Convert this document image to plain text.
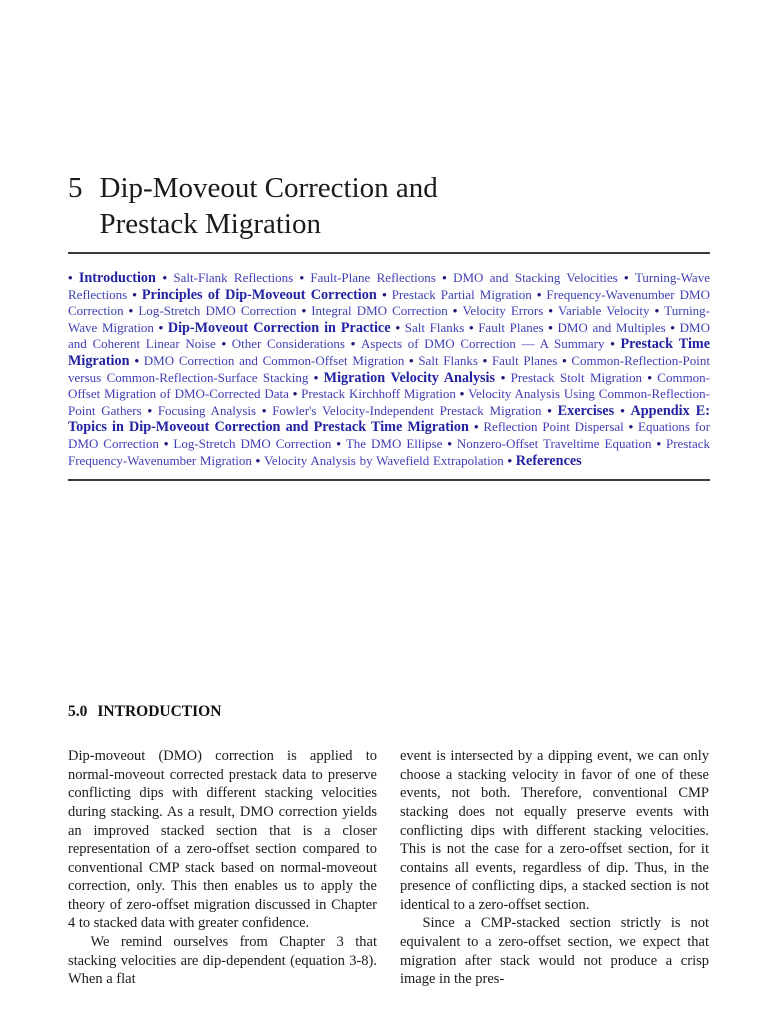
5 Dip-Moveout Correction and
Prestack Migration

• Introduction • Salt-Flank Reflections • Fault-Plane Reflections • DMO and Stacking Velocities • Turning-Wave Reflections • Principles of Dip-Moveout Correction • Prestack Partial Migration • Frequency-Wavenumber DMO Correction • Log-Stretch DMO Correction • Integral DMO Correction • Velocity Errors • Variable Velocity • Turning-Wave Migration • Dip-Moveout Correction in Practice • Salt Flanks • Fault Planes • DMO and Multiples • DMO and Coherent Linear Noise • Other Considerations • Aspects of DMO Correction — A Summary • Prestack Time Migration • DMO Correction and Common-Offset Migration • Salt Flanks • Fault Planes • Common-Reflection-Point versus Common-Reflection-Surface Stacking • Migration Velocity Analysis • Prestack Stolt Migration • Common-Offset Migration of DMO-Corrected Data • Prestack Kirchhoff Migration • Velocity Analysis Using Common-Reflection-Point Gathers • Focusing Analysis • Fowler's Velocity-Independent Prestack Migration • Exercises • Appendix E: Topics in Dip-Moveout Correction and Prestack Time Migration • Reflection Point Dispersal • Equations for DMO Correction • Log-Stretch DMO Correction • The DMO Ellipse • Nonzero-Offset Traveltime Equation • Prestack Frequency-Wavenumber Migration • Velocity Analysis by Wavefield Extrapolation • References

5.0 INTRODUCTION

Dip-moveout (DMO) correction is applied to normal-moveout corrected prestack data to preserve conflicting dips with different stacking velocities during stacking. As a result, DMO correction yields an improved stacked section that is a closer representation of a zero-offset section compared to conventional CMP stack based on normal-moveout correction, only. This then enables us to apply the theory of zero-offset migration discussed in Chapter 4 to stacked data with greater confidence.

We remind ourselves from Chapter 3 that stacking velocities are dip-dependent (equation 3-8). When a flat

event is intersected by a dipping event, we can only choose a stacking velocity in favor of one of these events, not both. Therefore, conventional CMP stacking does not equally preserve events with conflicting dips with different stacking velocities. This is not the case for a zero-offset section, for it contains all events, regardless of dip. Thus, in the presence of conflicting dips, a stacked section is not identical to a zero-offset section.

Since a CMP-stacked section strictly is not equivalent to a zero-offset section, we expect that migration after stack would not produce a crisp image in the pres-
